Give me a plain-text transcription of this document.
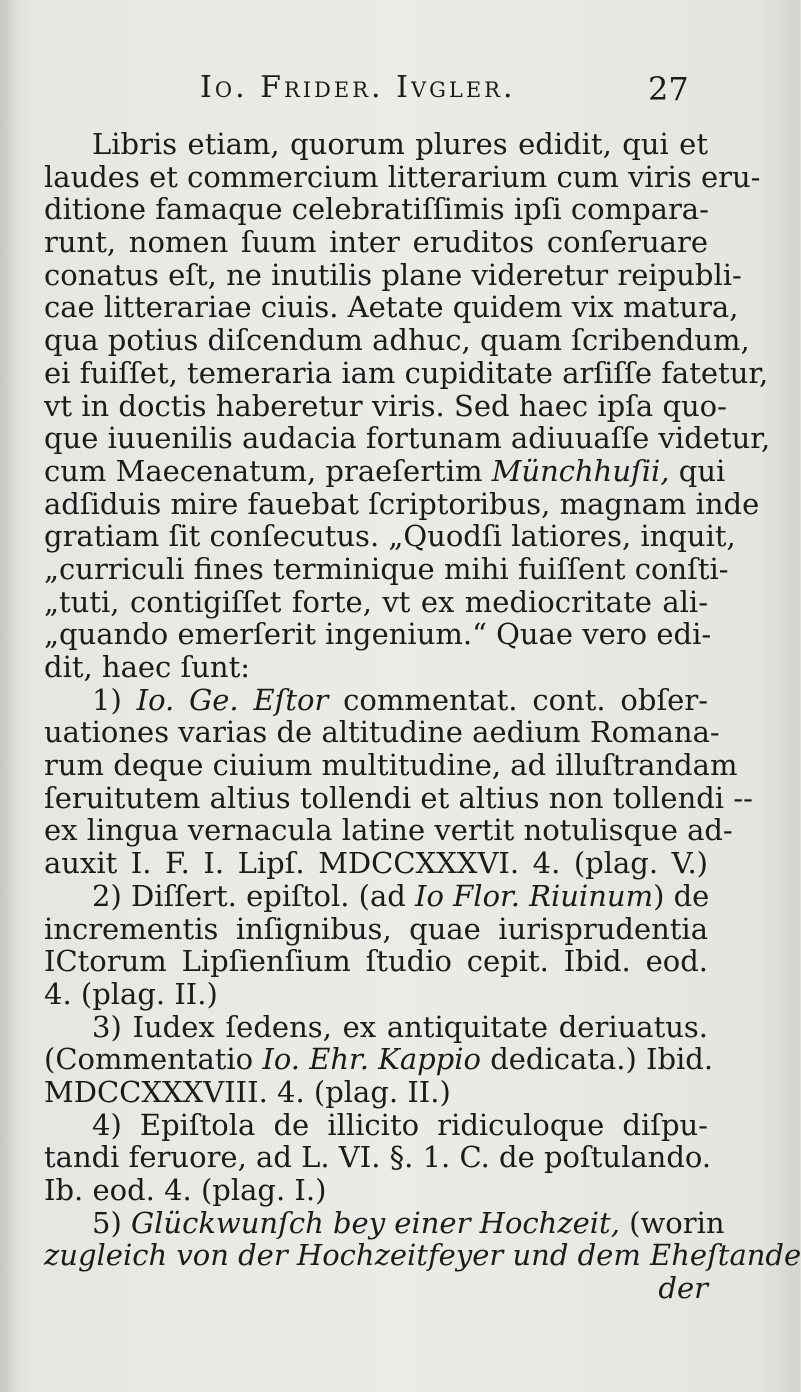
Io. Frider. Ivgler.	27
Libris etiam, quorum plures edidit, qui et
laudes et commercium litterarium cum viris eru-
ditione famaque celebratiſſimis ipſi compara-
runt, nomen ſuum inter eruditos conſeruare
conatus eſt, ne inutilis plane videretur reipubli-
cae litterariae ciuis. Aetate quidem vix matura,
qua potius diſcendum adhuc, quam ſcribendum,
ei fuiſſet, temeraria iam cupiditate arſiſſe fatetur,
vt in doctis haberetur viris. Sed haec ipſa quo-
que iuuenilis audacia fortunam adiuuaſſe videtur,
cum Maecenatum, praeſertim Münchhuſii, qui
adſiduis mire fauebat ſcriptoribus, magnam inde
gratiam ſit conſecutus. „Quodſi latiores, inquit,
„curriculi fines terminique mihi fuiſſent conſti-
„tuti, contigiſſet forte, vt ex mediocritate ali-
„quando emerſerit ingenium.“ Quae vero edi-
dit, haec ſunt:
1) Io. Ge. Eſtor commentat. cont. obſer-
uationes varias de altitudine aedium Romana-
rum deque ciuium multitudine, ad illuſtrandam
ſeruitutem altius tollendi et altius non tollendi --
ex lingua vernacula latine vertit notulisque ad-
auxit I. F. I. Lipſ. MDCCXXXVI. 4. (plag. V.)
2) Diſſert. epiſtol. (ad Io Flor. Riuinum) de
incrementis inſignibus, quae iurisprudentia
ICtorum Lipſienſium ſtudio cepit. Ibid. eod.
4. (plag. II.)
3) Iudex ſedens, ex antiquitate deriuatus.
(Commentatio Io. Ehr. Kappio dedicata.) Ibid.
MDCCXXXVIII. 4. (plag. II.)
4) Epiſtola de illicito ridiculoque diſpu-
tandi feruore, ad L. VI. §. 1. C. de poſtulando.
Ib. eod. 4. (plag. I.)
5) Glückwunſch bey einer Hochzeit, (worin
zugleich von der Hochzeitfeyer und dem Eheſtande
der
